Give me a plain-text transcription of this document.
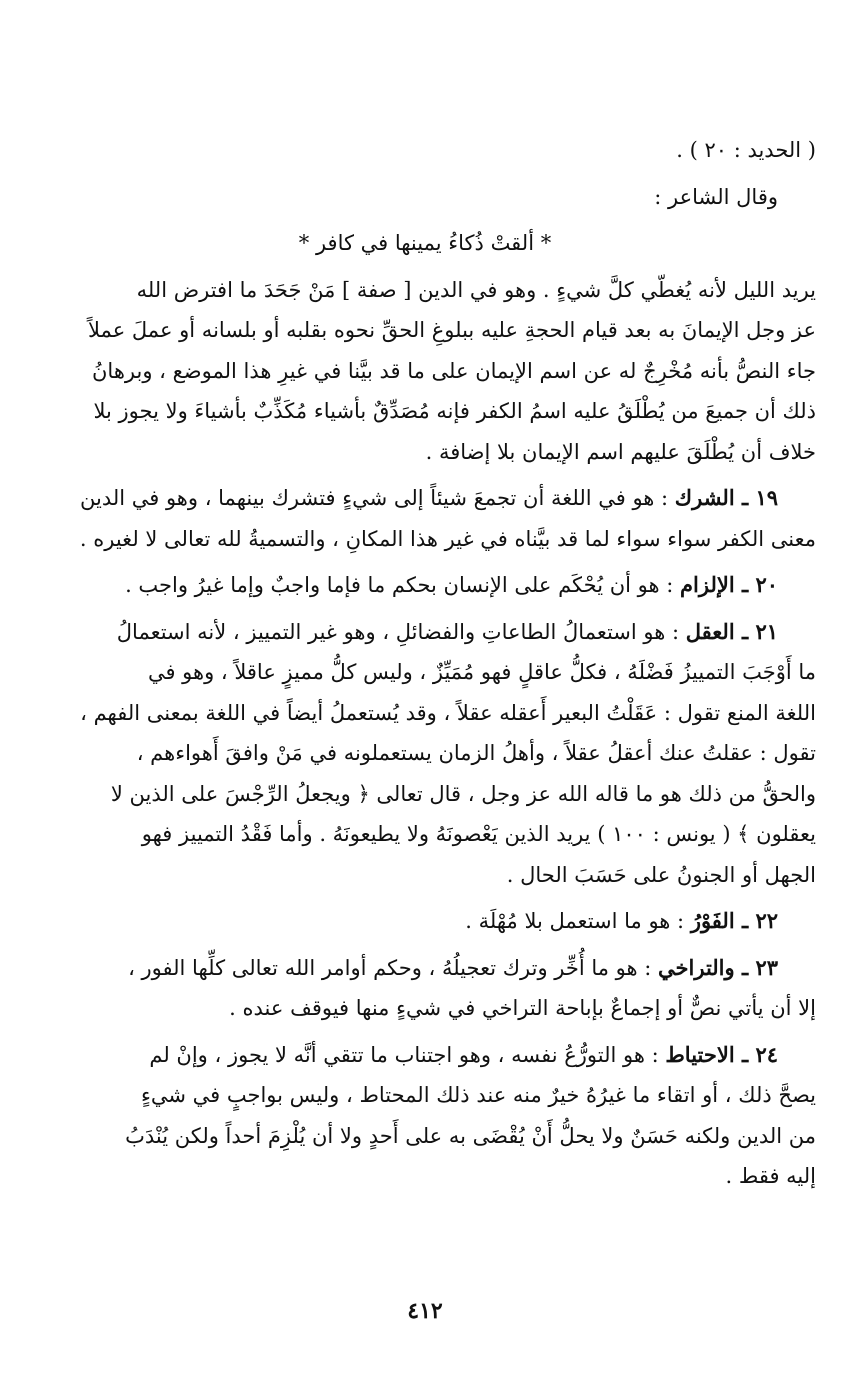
( الحديد : ٢٠ ) .
وقال الشاعر :
* ألقتْ ذُكاءُ يمينها في كافر *
يريد الليل لأنه يُغطّي كلَّ شيءٍ . وهو في الدين [ صفة ] مَنْ جَحَدَ ما افترض الله
عز وجل الإيمانَ به بعد قيام الحجةِ عليه ببلوغِ الحقِّ نحوه بقلبه أو بلسانه أو عملَ عملاً
جاء النصُّ بأنه مُخْرِجٌ له عن اسم الإيمان على ما قد بيَّنا في غيرِ هذا الموضع ، وبرهانُ
ذلك أن جميعَ من يُطْلَقُ عليه اسمُ الكفر فإنه مُصَدِّقٌ بأشياء مُكَذِّبٌ بأشياءَ ولا يجوز بلا
خلاف أن يُطْلَقَ عليهم اسم الإيمان بلا إضافة .
١٩ ـ الشرك : هو في اللغة أن تجمعَ شيئاً إلى شيءٍ فتشرك بينهما ، وهو في الدين
معنى الكفر سواء سواء لما قد بيَّناه في غير هذا المكانِ ، والتسميةُ لله تعالى لا لغيره .
٢٠ ـ الإلزام : هو أن يُحْكَم على الإنسان بحكم ما فإما واجبٌ وإما غيرُ واجب .
٢١ ـ العقل : هو استعمالُ الطاعاتِ والفضائلِ ، وهو غير التمييز ، لأنه استعمالُ
ما أَوْجَبَ التمييزُ فَضْلَهُ ، فكلُّ عاقلٍ فهو مُمَيِّزٌ ، وليس كلُّ مميزٍ عاقلاً ، وهو في
اللغة المنع تقول : عَقَلْتُ البعير أَعقله عقلاً ، وقد يُستعملُ أيضاً في اللغة بمعنى الفهم ،
تقول : عقلتُ عنك أعقلُ عقلاً ، وأهلُ الزمان يستعملونه في مَنْ وافقَ أَهواءهم ،
والحقُّ من ذلك هو ما قاله الله عز وجل ، قال تعالى ﴿ ويجعلُ الرِّجْسَ على الذين لا
يعقلون ﴾ ( يونس : ١٠٠ ) يريد الذين يَعْصونَهُ ولا يطيعونَهُ . وأما فَقْدُ التمييز فهو
الجهل أو الجنونُ على حَسَبَ الحال .
٢٢ ـ الفَوْرُ : هو ما استعمل بلا مُهْلَة .
٢٣ ـ والتراخي : هو ما أُخِّر وترك تعجيلُهُ ، وحكم أوامر الله تعالى كلِّها الفور ،
إلا أن يأتي نصٌّ أو إجماعٌ بإباحة التراخي في شيءٍ منها فيوقف عنده .
٢٤ ـ الاحتياط : هو التورُّعُ نفسه ، وهو اجتناب ما تتقي أنَّه لا يجوز ، وإنْ لم
يصحَّ ذلك ، أو اتقاء ما غيرُهُ خيرٌ منه عند ذلك المحتاط ، وليس بواجبٍ في شيءٍ
من الدين ولكنه حَسَنٌ ولا يحلُّ أَنْ يُقْضَى به على أَحدٍ ولا أن يُلْزِمَ أحداً ولكن يُنْدَبُ
إليه فقط .
٤١٢
